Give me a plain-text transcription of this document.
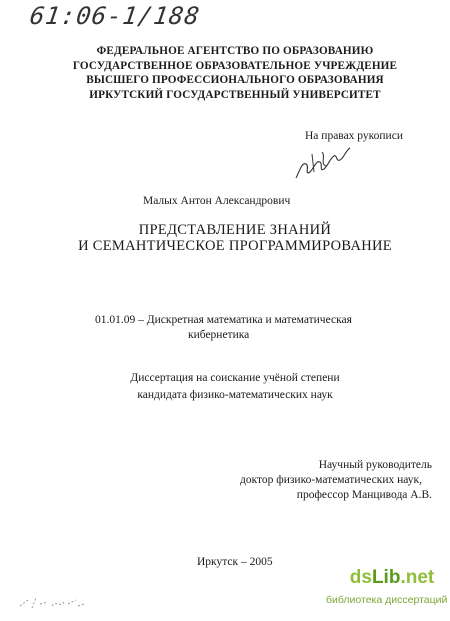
61:06-1/188
ФЕДЕРАЛЬНОЕ АГЕНТСТВО ПО ОБРАЗОВАНИЮ
ГОСУДАРСТВЕННОЕ ОБРАЗОВАТЕЛЬНОЕ УЧРЕЖДЕНИЕ
ВЫСШЕГО ПРОФЕССИОНАЛЬНОГО ОБРАЗОВАНИЯ
ИРКУТСКИЙ ГОСУДАРСТВЕННЫЙ УНИВЕРСИТЕТ
На правах рукописи
Малых Антон Александрович
ПРЕДСТАВЛЕНИЕ ЗНАНИЙ
И СЕМАНТИЧЕСКОЕ ПРОГРАММИРОВАНИЕ
01.01.09 – Дискретная математика и математическая
кибернетика
Диссертация на соискание учёной степени
кандидата физико-математических наук
Научный руководитель
доктор физико-математических наук,
профессор Манцивода А.В.
Иркутск – 2005
dsLib.net
библиотека диссертаций
